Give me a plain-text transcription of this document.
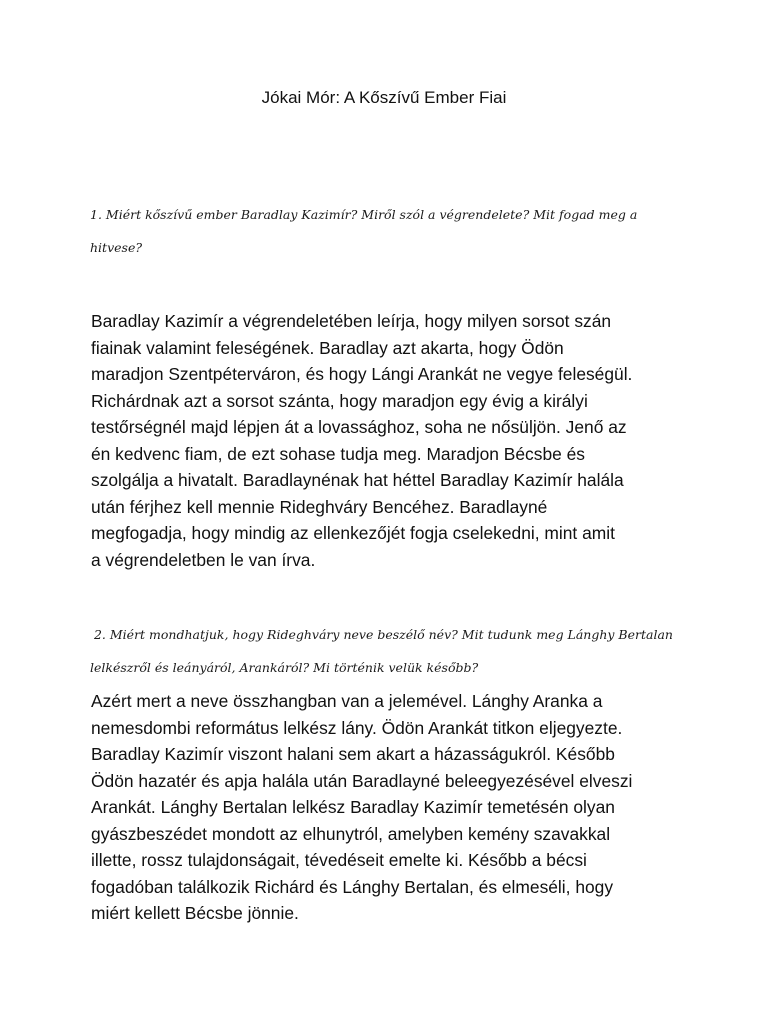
Jókai Mór: A Kőszívű Ember Fiai
1. Miért kőszívű ember Baradlay Kazimír? Miről szól a végrendelete? Mit fogad meg a
hitvese?
Baradlay Kazimír a végrendeletében leírja, hogy milyen sorsot szán
fiainak valamint feleségének. Baradlay azt akarta, hogy Ödön
maradjon Szentpéterváron, és hogy Lángi Arankát ne vegye feleségül.
Richárdnak azt a sorsot szánta, hogy maradjon egy évig a királyi
testőrségnél majd lépjen át a lovassághoz, soha ne nősüljön. Jenő az
én kedvenc fiam, de ezt sohase tudja meg. Maradjon Bécsbe és
szolgálja a hivatalt. Baradlaynénak hat héttel Baradlay Kazimír halála
után férjhez kell mennie Rideghváry Bencéhez. Baradlayné
megfogadja, hogy mindig az ellenkezőjét fogja cselekedni, mint amit
a végrendeletben le van írva.
2. Miért mondhatjuk, hogy Rideghváry neve beszélő név? Mit tudunk meg Lánghy Bertalan
lelkészről és leányáról, Arankáról? Mi történik velük később?
Azért mert a neve összhangban van a jelemével. Lánghy Aranka a
nemesdombi református lelkész lány. Ödön Arankát titkon eljegyezte.
Baradlay Kazimír viszont halani sem akart a házasságukról. Később
Ödön hazatér és apja halála után Baradlayné beleegyezésével elveszi
Arankát. Lánghy Bertalan lelkész Baradlay Kazimír temetésén olyan
gyászbeszédet mondott az elhunytról, amelyben kemény szavakkal
illette, rossz tulajdonságait, tévedéseit emelte ki. Később a bécsi
fogadóban találkozik Richárd és Lánghy Bertalan, és elmeséli, hogy
miért kellett Bécsbe jönnie.
